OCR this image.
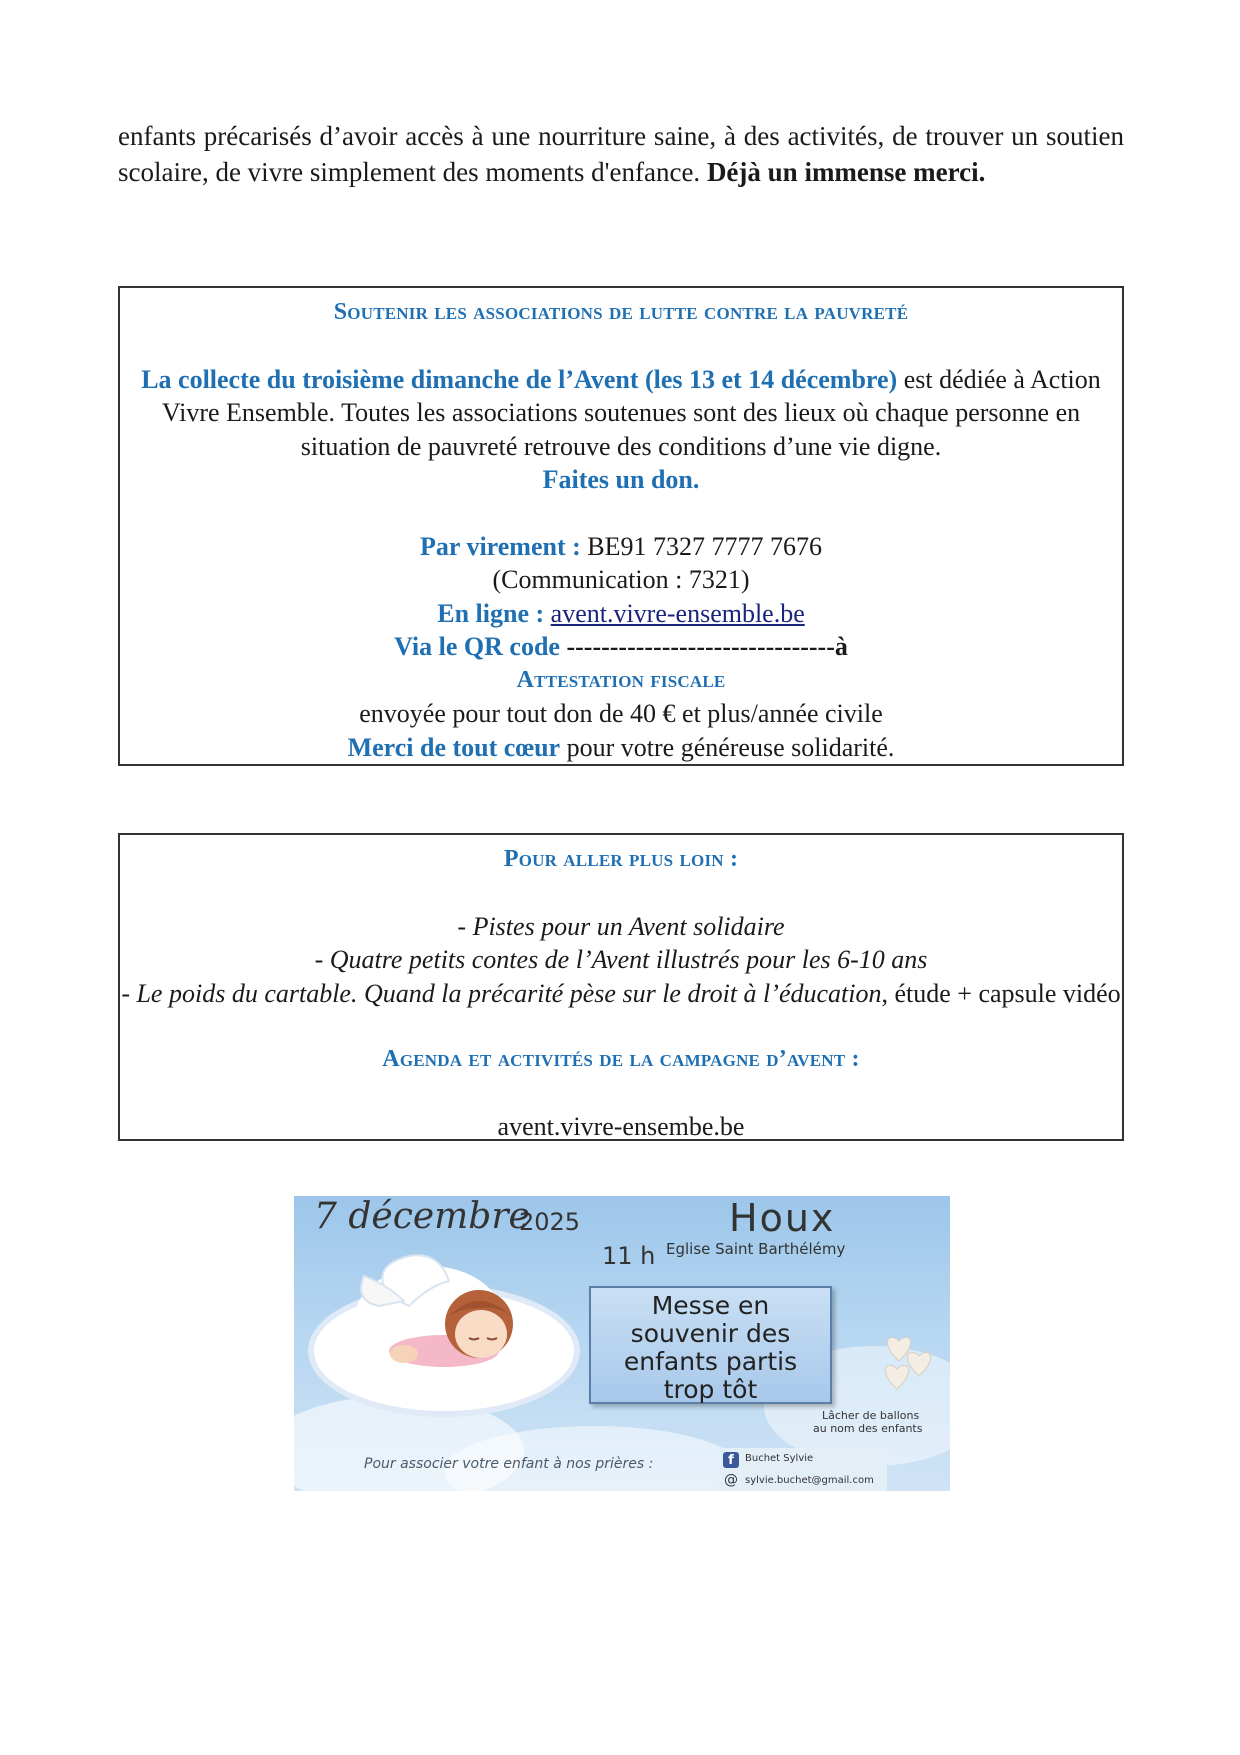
enfants précarisés d’avoir accès à une nourriture saine, à des activités, de trouver un soutien scolaire, de vivre simplement des moments d'enfance. Déjà un immense merci.
Soutenir les associations de lutte contre la pauvreté
La collecte du troisième dimanche de l’Avent (les 13 et 14 décembre) est dédiée à Action Vivre Ensemble. Toutes les associations soutenues sont des lieux où chaque personne en situation de pauvreté retrouve des conditions d’une vie digne.
Faites un don.
Par virement : BE91 7327 7777 7676
(Communication : 7321)
En ligne : avent.vivre-ensemble.be
Via le QR code -------------------------------à
Attestation fiscale
envoyée pour tout don de 40 € et plus/année civile
Merci de tout cœur pour votre généreuse solidarité.
Pour aller plus loin :
- Pistes pour un Avent solidaire
- Quatre petits contes de l’Avent illustrés pour les 6-10 ans
- Le poids du cartable. Quand la précarité pèse sur le droit à l’éducation, étude + capsule vidéo
Agenda et activités de la campagne d’avent :
avent.vivre-ensembe.be
7 décembre
2025	Houx
11 h Eglise Saint Barthélémy
Messe en
souvenir des
enfants partis
trop tôt
Lâcher de ballons
au nom des enfants
Pour associer votre enfant à nos prières :	f	Buchet Sylvie
@ sylvie.buchet@gmail.com
